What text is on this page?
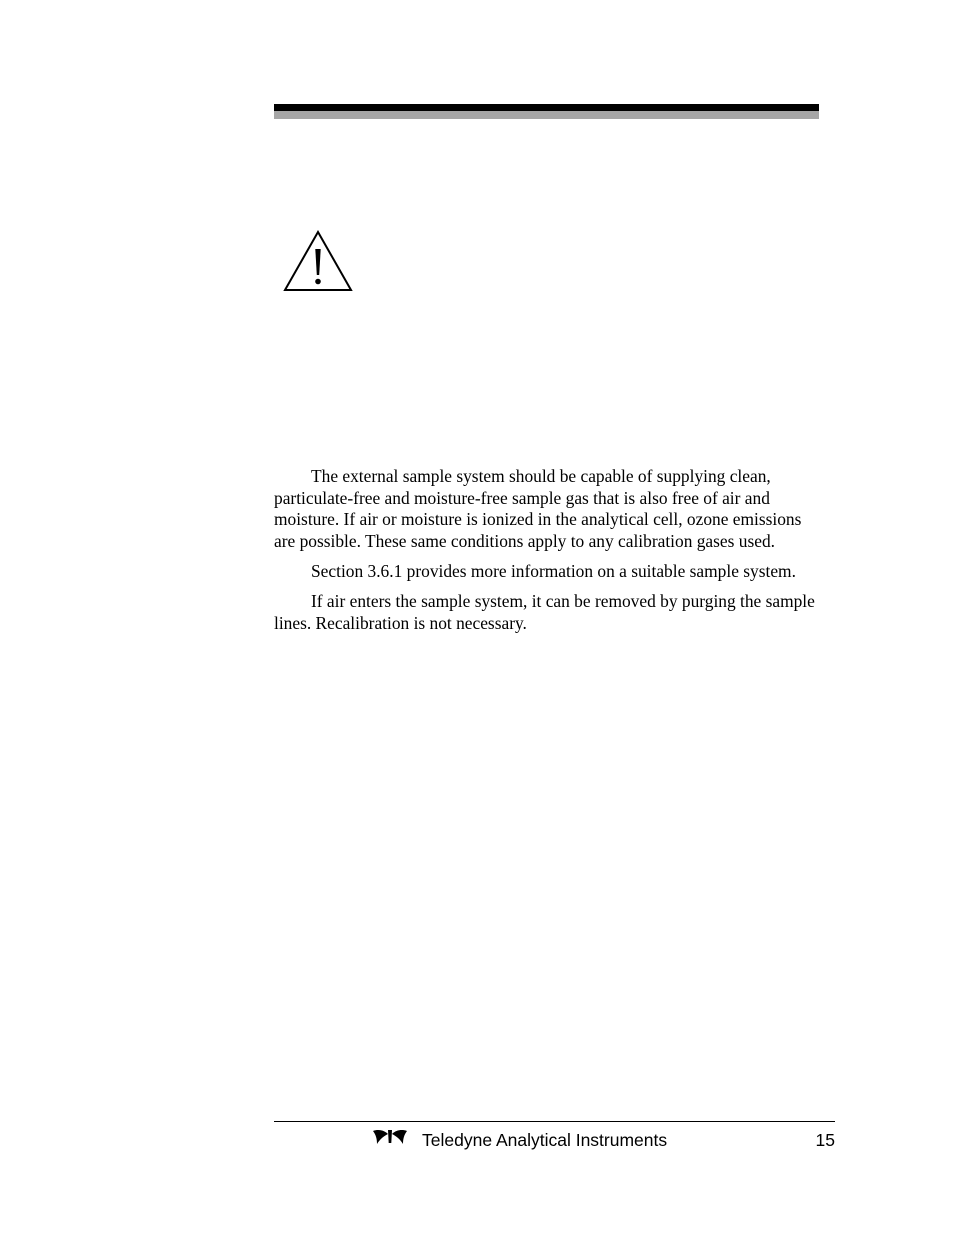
The external sample system should be capable of supplying clean, particulate-free and moisture-free sample gas that is also free of air and moisture. If air or moisture is ionized in the analytical cell, ozone emissions are possible. These same conditions apply to any calibration gases used.

Section 3.6.1 provides more information on a suitable sample system.

If air enters the sample system, it can be removed by purging the sample lines. Recalibration is not necessary.

Teledyne Analytical Instruments	15
